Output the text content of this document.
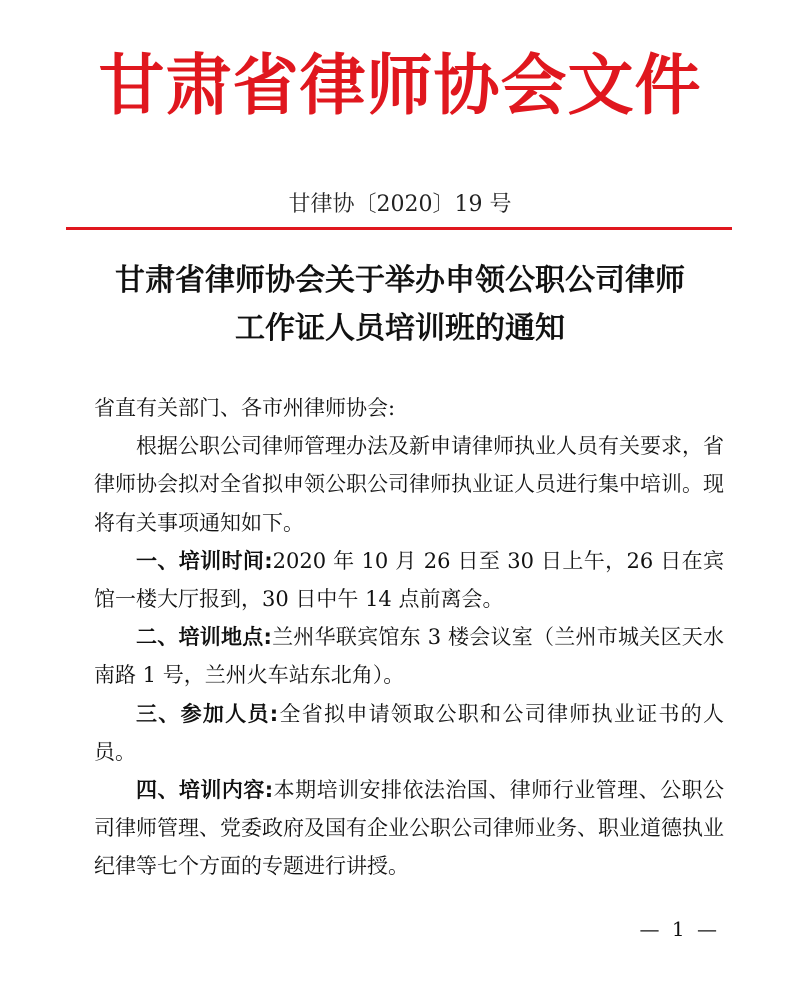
甘肃省律师协会文件
甘律协〔2020〕19 号
甘肃省律师协会关于举办申领公职公司律师
工作证人员培训班的通知

省直有关部门、各市州律师协会:

根据公职公司律师管理办法及新申请律师执业人员有关要求，省律师协会拟对全省拟申领公职公司律师执业证人员进行集中培训。现将有关事项通知如下。

一、培训时间:2020 年 10 月 26 日至 30 日上午，26 日在宾馆一楼大厅报到，30 日中午 14 点前离会。

二、培训地点:兰州华联宾馆东 3 楼会议室（兰州市城关区天水南路 1 号，兰州火车站东北角）。

三、参加人员:全省拟申请领取公职和公司律师执业证书的人员。

四、培训内容:本期培训安排依法治国、律师行业管理、公职公司律师管理、党委政府及国有企业公职公司律师业务、职业道德执业纪律等七个方面的专题进行讲授。

— 1 —
